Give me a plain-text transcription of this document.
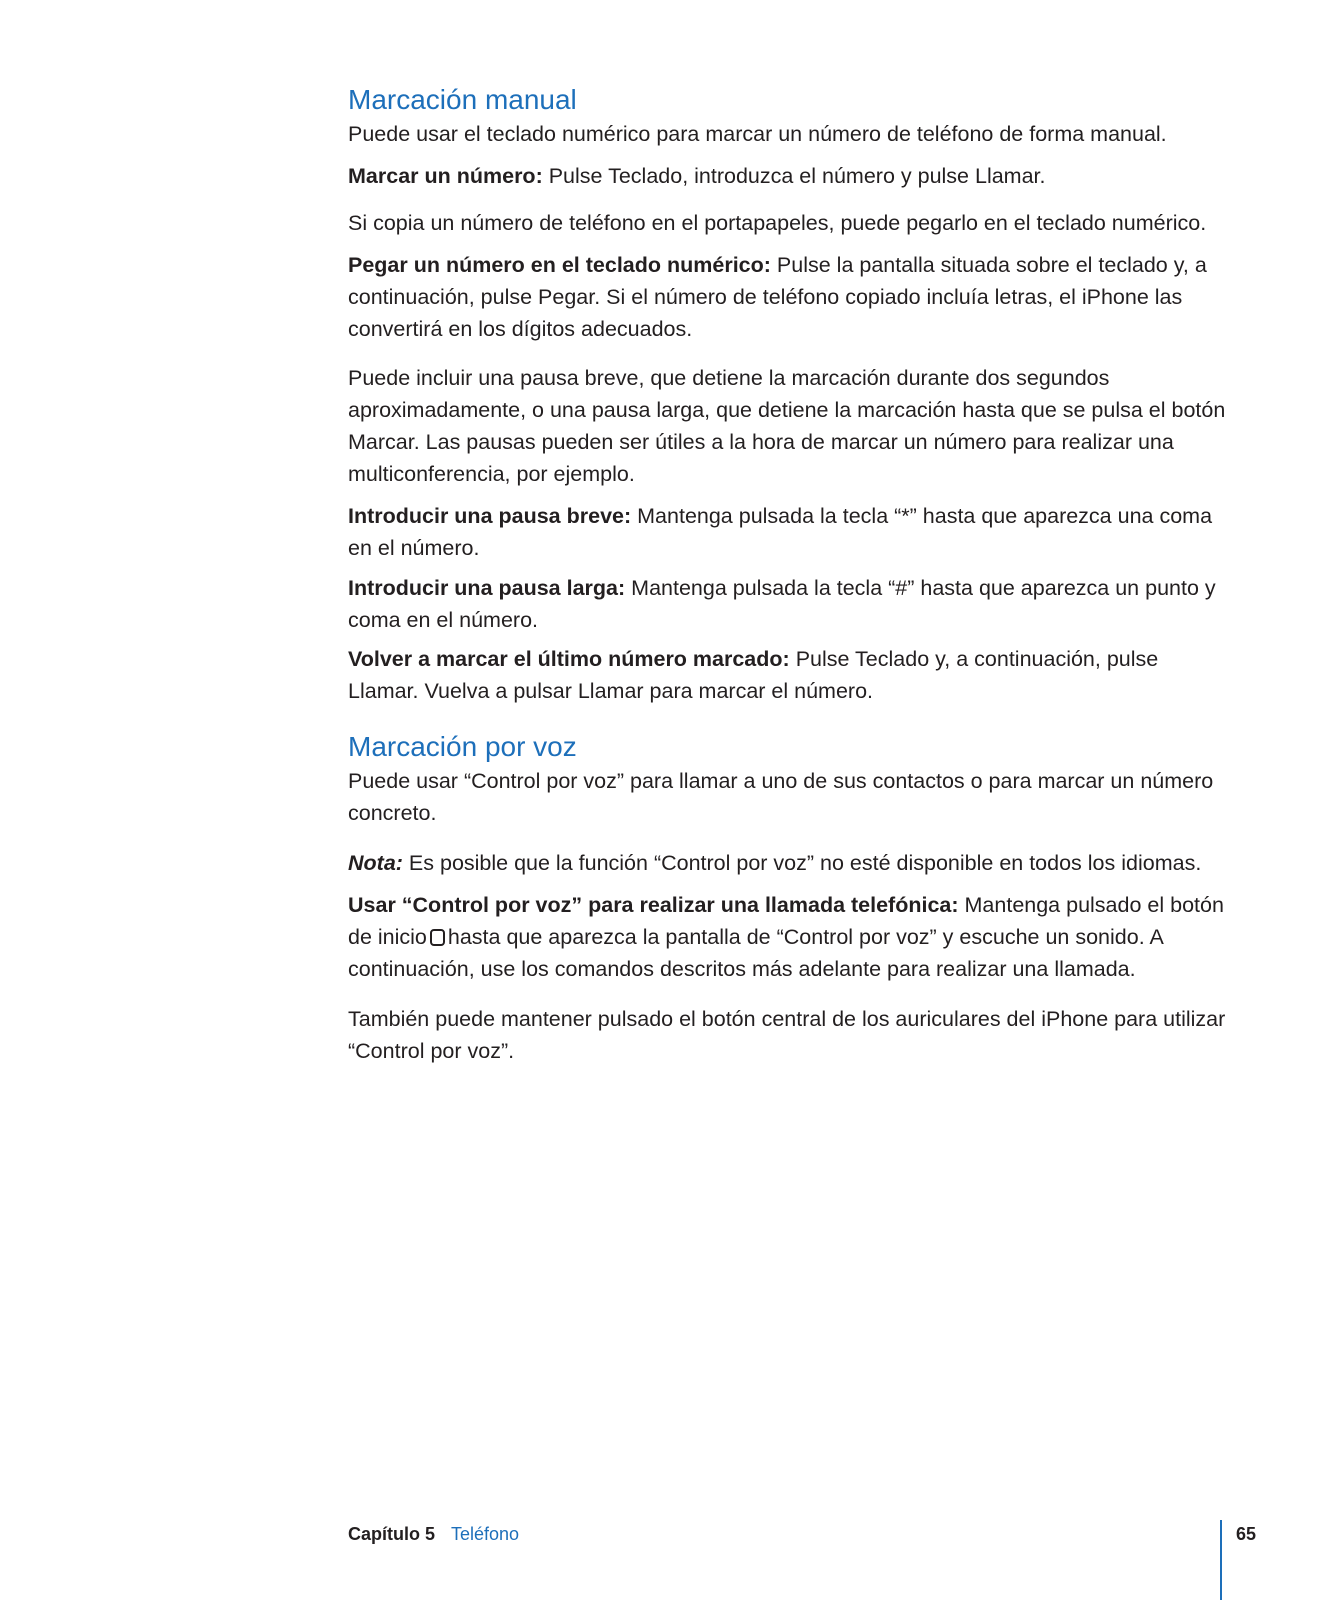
Marcación manual

Puede usar el teclado numérico para marcar un número de teléfono de forma manual.

Marcar un número: Pulse Teclado, introduzca el número y pulse Llamar.

Si copia un número de teléfono en el portapapeles, puede pegarlo en el teclado numérico.

Pegar un número en el teclado numérico: Pulse la pantalla situada sobre el teclado y, a continuación, pulse Pegar. Si el número de teléfono copiado incluía letras, el iPhone las convertirá en los dígitos adecuados.

Puede incluir una pausa breve, que detiene la marcación durante dos segundos aproximadamente, o una pausa larga, que detiene la marcación hasta que se pulsa el botón Marcar. Las pausas pueden ser útiles a la hora de marcar un número para realizar una multiconferencia, por ejemplo.

Introducir una pausa breve: Mantenga pulsada la tecla “*” hasta que aparezca una coma en el número.

Introducir una pausa larga: Mantenga pulsada la tecla “#” hasta que aparezca un punto y coma en el número.

Volver a marcar el último número marcado: Pulse Teclado y, a continuación, pulse Llamar. Vuelva a pulsar Llamar para marcar el número.

Marcación por voz

Puede usar “Control por voz” para llamar a uno de sus contactos o para marcar un número concreto.

Nota: Es posible que la función “Control por voz” no esté disponible en todos los idiomas.

Usar “Control por voz” para realizar una llamada telefónica: Mantenga pulsado el botón de inicio hasta que aparezca la pantalla de “Control por voz” y escuche un sonido. A continuación, use los comandos descritos más adelante para realizar una llamada.

También puede mantener pulsado el botón central de los auriculares del iPhone para utilizar “Control por voz”.

Capítulo 5 Teléfono	65
